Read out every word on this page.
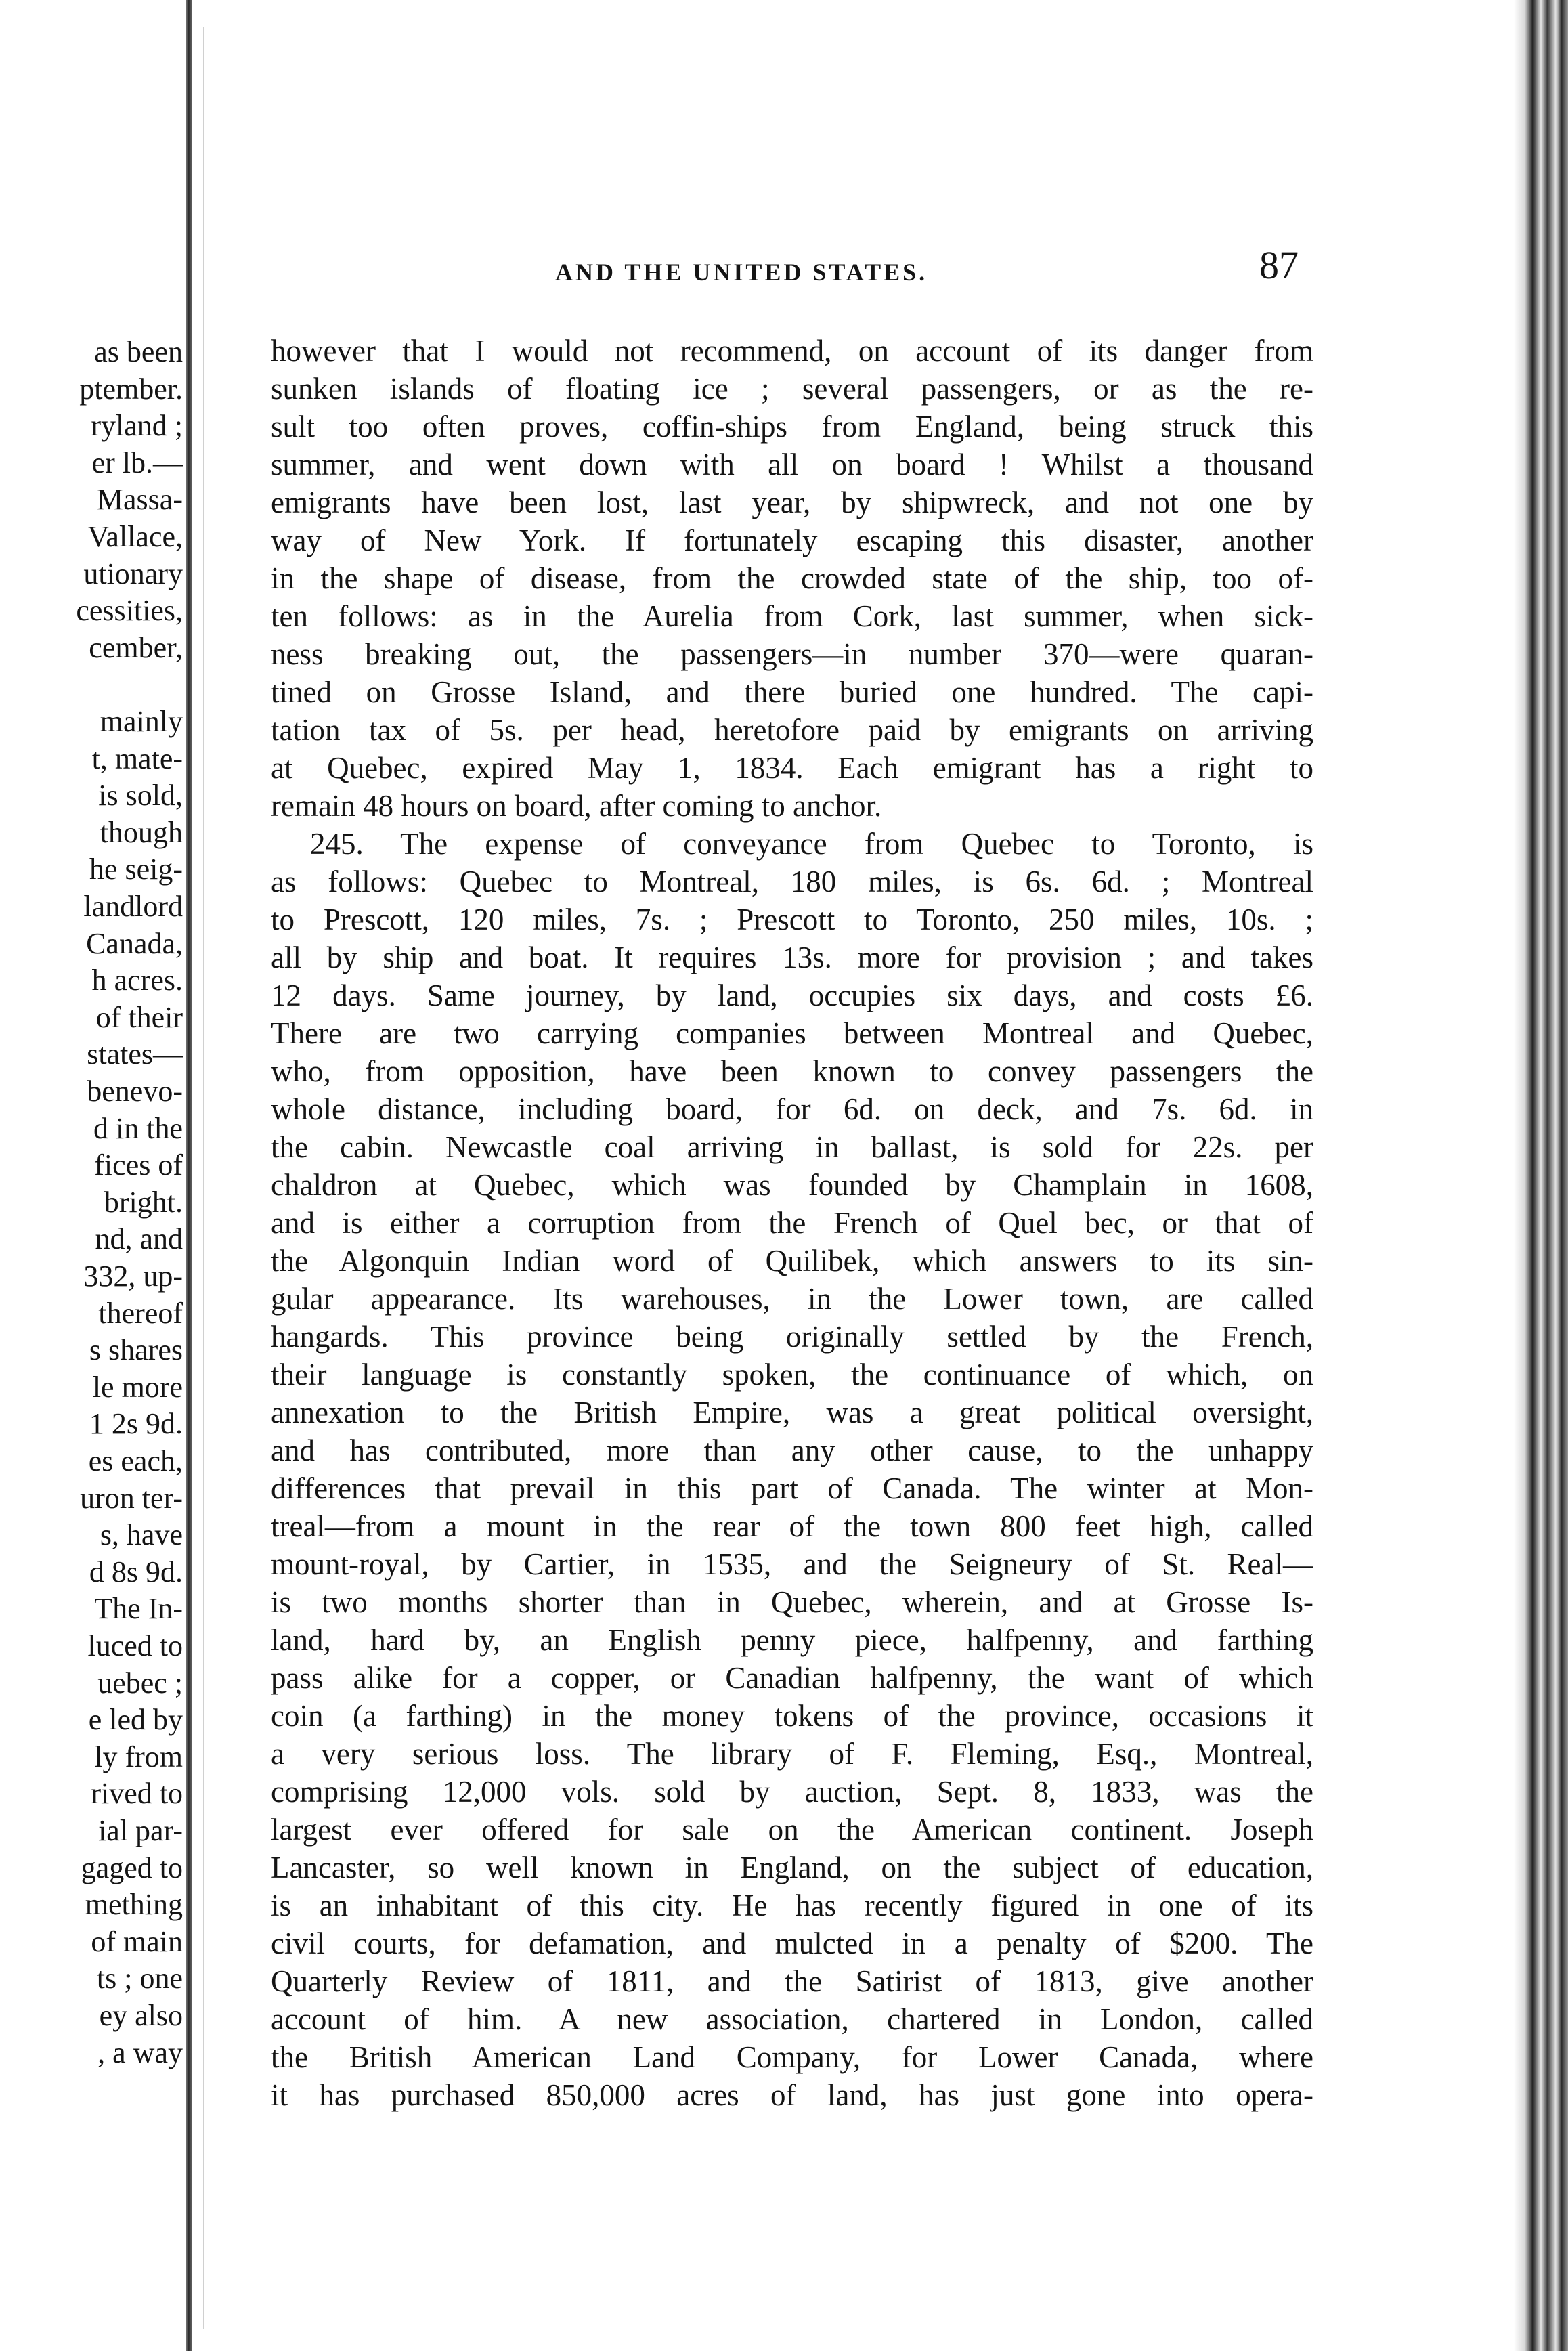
as been
ptember.
ryland ;
er lb.—
Massa-
Vallace,
utionary
cessities,
cember,
mainly
t, mate-
is sold,
though
he seig-
landlord
Canada,
h acres.
of their
states—
benevo-
d in the
fices of
bright.
nd, and
332, up-
thereof
s shares
le more
1 2s 9d.
es each,
uron ter-
s, have
d 8s 9d.
The In-
luced to
uebec ;
e led by
ly from
rived to
ial par-
gaged to
mething
of main
ts ; one
ey also
, a way
AND THE UNITED STATES.	87
however that I would not recommend, on account of its danger from
sunken islands of floating ice ; several passengers, or as the re-
sult too often proves, coffin-ships from England, being struck this
summer, and went down with all on board ! Whilst a thousand
emigrants have been lost, last year, by shipwreck, and not one by
way of New York. If fortunately escaping this disaster, another
in the shape of disease, from the crowded state of the ship, too of-
ten follows: as in the Aurelia from Cork, last summer, when sick-
ness breaking out, the passengers—in number 370—were quaran-
tined on Grosse Island, and there buried one hundred. The capi-
tation tax of 5s. per head, heretofore paid by emigrants on arriving
at Quebec, expired May 1, 1834. Each emigrant has a right to
remain 48 hours on board, after coming to anchor.
245. The expense of conveyance from Quebec to Toronto, is
as follows: Quebec to Montreal, 180 miles, is 6s. 6d. ; Montreal
to Prescott, 120 miles, 7s. ; Prescott to Toronto, 250 miles, 10s. ;
all by ship and boat. It requires 13s. more for provision ; and takes
12 days. Same journey, by land, occupies six days, and costs £6.
There are two carrying companies between Montreal and Quebec,
who, from opposition, have been known to convey passengers the
whole distance, including board, for 6d. on deck, and 7s. 6d. in
the cabin. Newcastle coal arriving in ballast, is sold for 22s. per
chaldron at Quebec, which was founded by Champlain in 1608,
and is either a corruption from the French of Quel bec, or that of
the Algonquin Indian word of Quilibek, which answers to its sin-
gular appearance. Its warehouses, in the Lower town, are called
hangards. This province being originally settled by the French,
their language is constantly spoken, the continuance of which, on
annexation to the British Empire, was a great political oversight,
and has contributed, more than any other cause, to the unhappy
differences that prevail in this part of Canada. The winter at Mon-
treal—from a mount in the rear of the town 800 feet high, called
mount-royal, by Cartier, in 1535, and the Seigneury of St. Real—
is two months shorter than in Quebec, wherein, and at Grosse Is-
land, hard by, an English penny piece, halfpenny, and farthing
pass alike for a copper, or Canadian halfpenny, the want of which
coin (a farthing) in the money tokens of the province, occasions it
a very serious loss. The library of F. Fleming, Esq., Montreal,
comprising 12,000 vols. sold by auction, Sept. 8, 1833, was the
largest ever offered for sale on the American continent. Joseph
Lancaster, so well known in England, on the subject of education,
is an inhabitant of this city. He has recently figured in one of its
civil courts, for defamation, and mulcted in a penalty of $200. The
Quarterly Review of 1811, and the Satirist of 1813, give another
account of him. A new association, chartered in London, called
the British American Land Company, for Lower Canada, where
it has purchased 850,000 acres of land, has just gone into opera-
